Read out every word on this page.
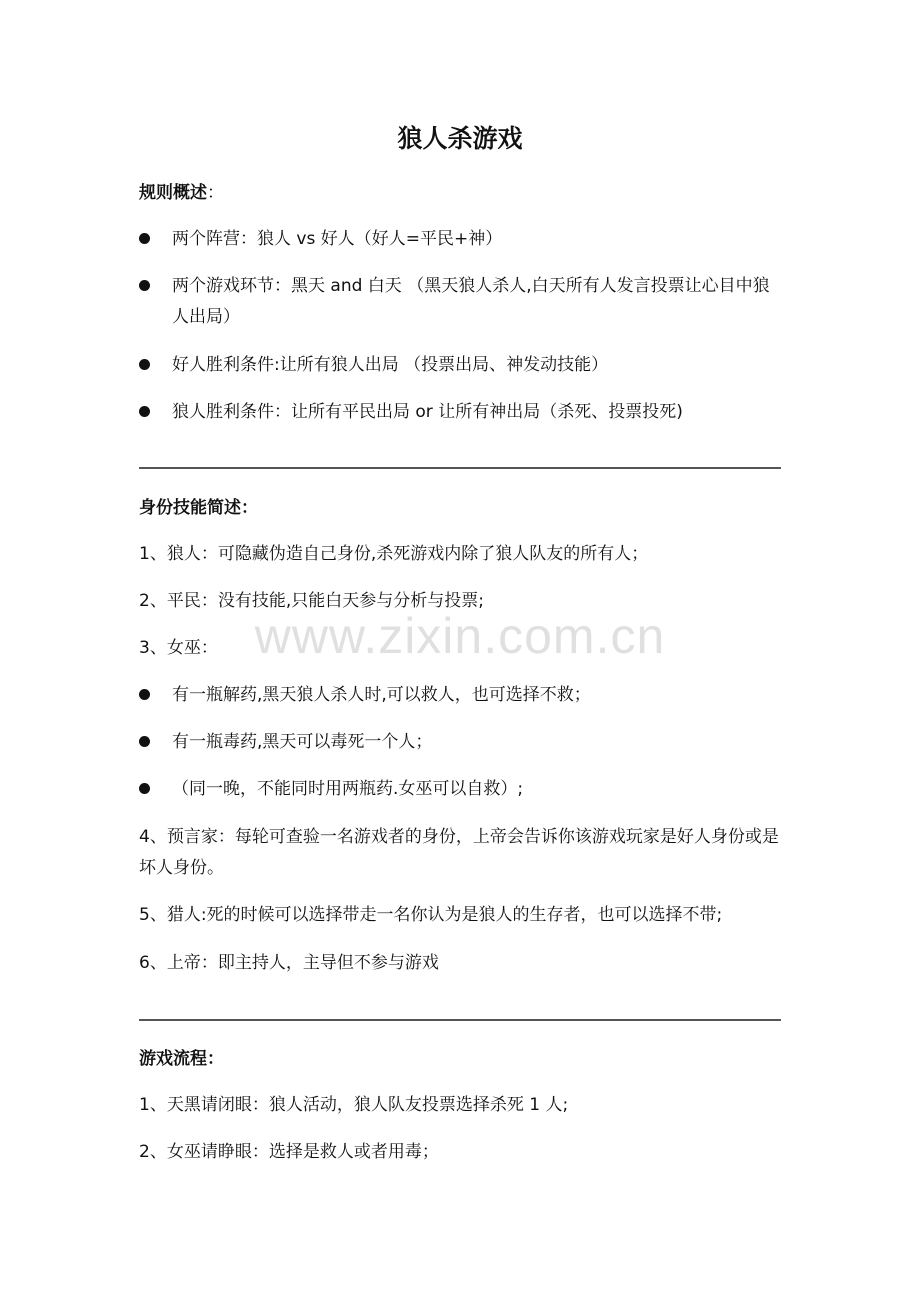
狼人杀游戏
规则概述：
两个阵营：狼人 vs 好人（好人=平民+神）
两个游戏环节：黑天 and 白天 （黑天狼人杀人,白天所有人发言投票让心目中狼人出局）
好人胜利条件:让所有狼人出局 （投票出局、神发动技能）
狼人胜利条件：让所有平民出局 or 让所有神出局（杀死、投票投死)
身份技能简述：
1、狼人：可隐藏伪造自己身份,杀死游戏内除了狼人队友的所有人；
2、平民：没有技能,只能白天参与分析与投票;
3、女巫：
有一瓶解药,黑天狼人杀人时,可以救人，也可选择不救；
有一瓶毒药,黑天可以毒死一个人；
（同一晚，不能同时用两瓶药.女巫可以自救）;
4、预言家：每轮可查验一名游戏者的身份，上帝会告诉你该游戏玩家是好人身份或是坏人身份。
5、猎人:死的时候可以选择带走一名你认为是狼人的生存者，也可以选择不带;
6、上帝：即主持人，主导但不参与游戏
游戏流程：
1、天黑请闭眼：狼人活动，狼人队友投票选择杀死 1 人;
2、女巫请睁眼：选择是救人或者用毒；
www.zixin.com.cn
